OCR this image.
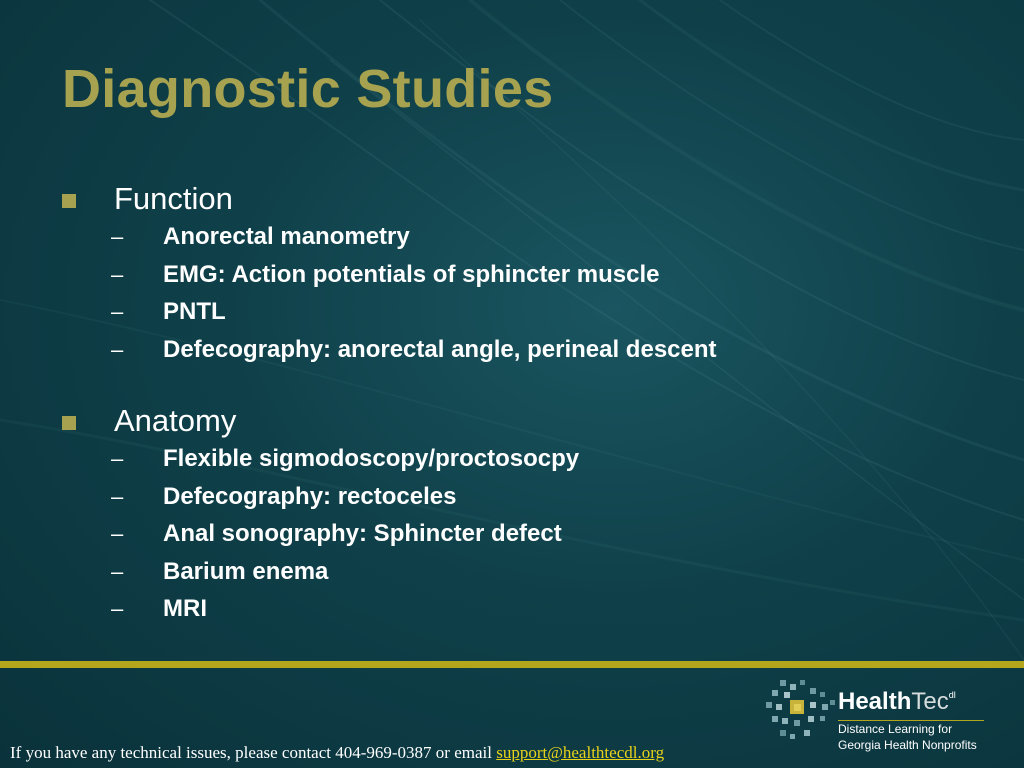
Diagnostic Studies
Function
– Anorectal manometry
– EMG: Action potentials of sphincter muscle
– PNTL
– Defecography: anorectal angle, perineal descent
Anatomy
– Flexible sigmodoscopy/proctosocpy
– Defecography: rectoceles
– Anal sonography: Sphincter defect
– Barium enema
– MRI
If you have any technical issues, please contact 404-969-0387 or email support@healthtecdl.org
HealthTec$^{dl}$
Distance Learning for
Georgia Health Nonprofits
